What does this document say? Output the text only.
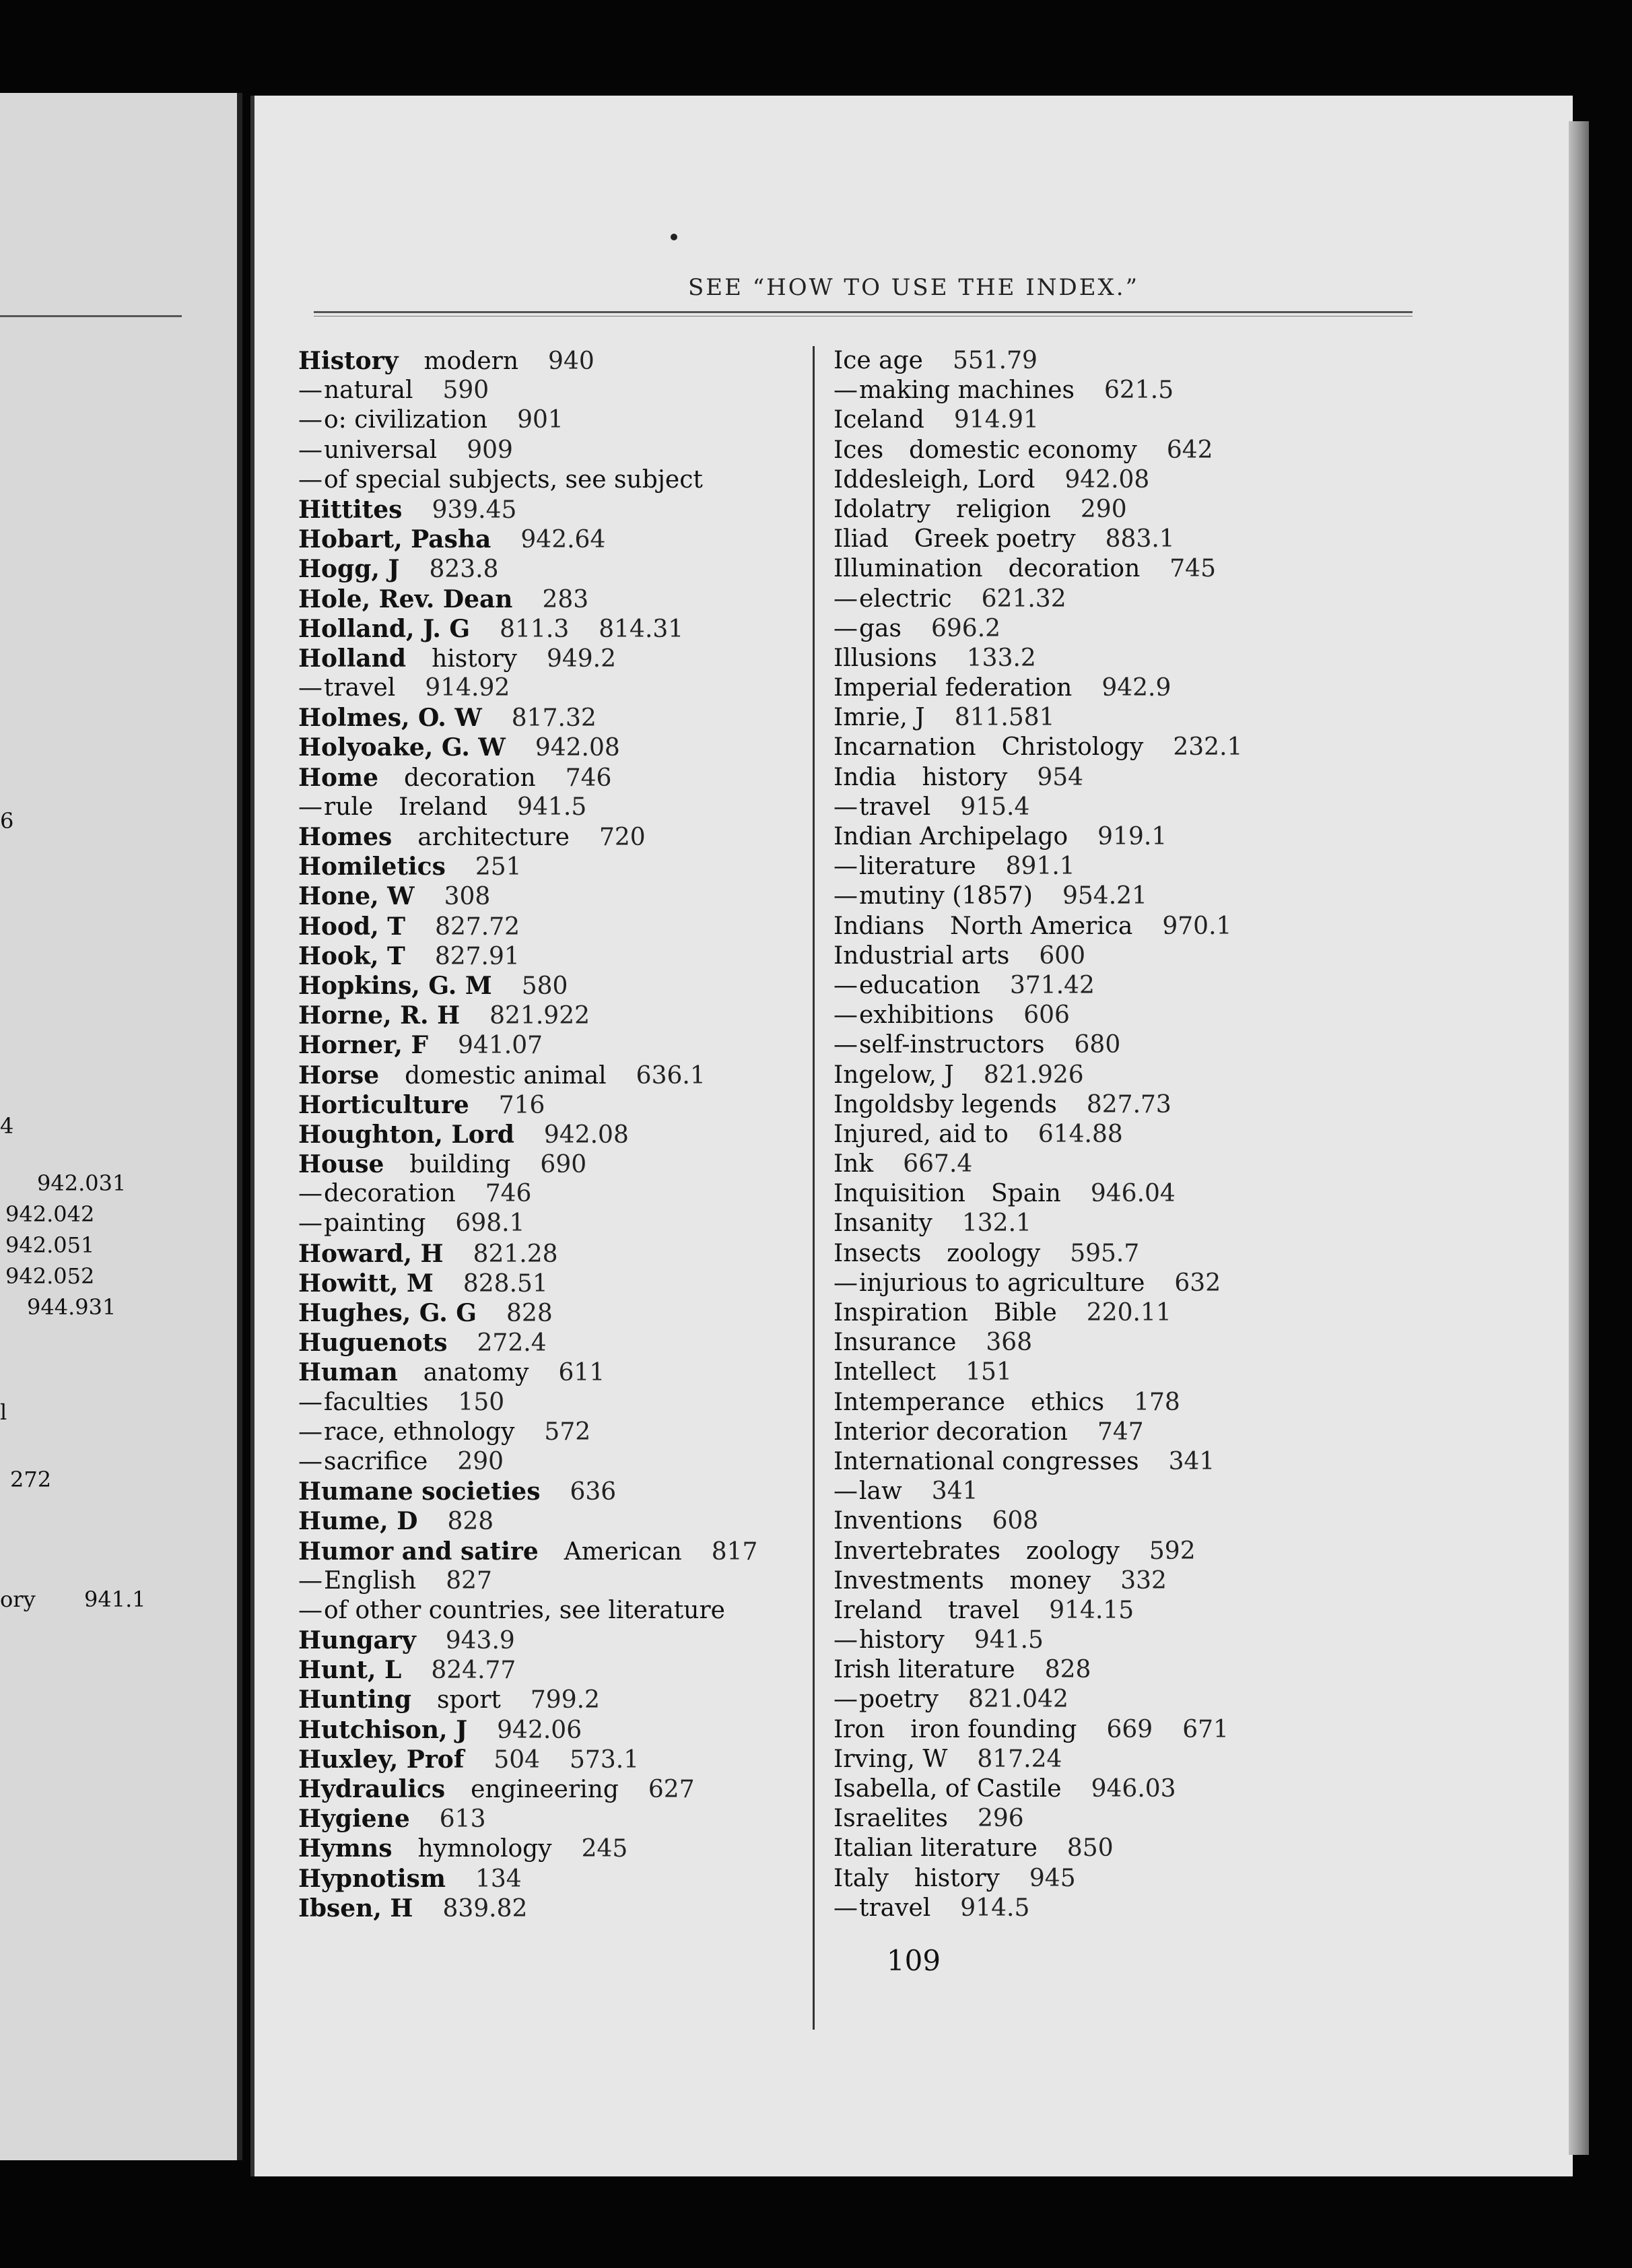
6
4
942.031
942.042
942.051
942.052
944.931
l
272
ory 941.1
SEE “HOW TO USE THE INDEX.”
History modern 940
—natural 590
—o: civilization 901
—universal 909
—of special subjects, see subject
Hittites 939.45
Hobart, Pasha 942.64
Hogg, J 823.8
Hole, Rev. Dean 283
Holland, J. G 811.3 814.31
Holland history 949.2
—travel 914.92
Holmes, O. W 817.32
Holyoake, G. W 942.08
Home decoration 746
—rule Ireland 941.5
Homes architecture 720
Homiletics 251
Hone, W 308
Hood, T 827.72
Hook, T 827.91
Hopkins, G. M 580
Horne, R. H 821.922
Horner, F 941.07
Horse domestic animal 636.1
Horticulture 716
Houghton, Lord 942.08
House building 690
—decoration 746
—painting 698.1
Howard, H 821.28
Howitt, M 828.51
Hughes, G. G 828
Huguenots 272.4
Human anatomy 611
—faculties 150
—race, ethnology 572
—sacrifice 290
Humane societies 636
Hume, D 828
Humor and satire American 817
—English 827
—of other countries, see literature
Hungary 943.9
Hunt, L 824.77
Hunting sport 799.2
Hutchison, J 942.06
Huxley, Prof 504 573.1
Hydraulics engineering 627
Hygiene 613
Hymns hymnology 245
Hypnotism 134
Ibsen, H 839.82
Ice age 551.79
—making machines 621.5
Iceland 914.91
Ices domestic economy 642
Iddesleigh, Lord 942.08
Idolatry religion 290
Iliad Greek poetry 883.1
Illumination decoration 745
—electric 621.32
—gas 696.2
Illusions 133.2
Imperial federation 942.9
Imrie, J 811.581
Incarnation Christology 232.1
India history 954
—travel 915.4
Indian Archipelago 919.1
—literature 891.1
—mutiny (1857) 954.21
Indians North America 970.1
Industrial arts 600
—education 371.42
—exhibitions 606
—self-instructors 680
Ingelow, J 821.926
Ingoldsby legends 827.73
Injured, aid to 614.88
Ink 667.4
Inquisition Spain 946.04
Insanity 132.1
Insects zoology 595.7
—injurious to agriculture 632
Inspiration Bible 220.11
Insurance 368
Intellect 151
Intemperance ethics 178
Interior decoration 747
International congresses 341
—law 341
Inventions 608
Invertebrates zoology 592
Investments money 332
Ireland travel 914.15
—history 941.5
Irish literature 828
—poetry 821.042
Iron iron founding 669 671
Irving, W 817.24
Isabella, of Castile 946.03
Israelites 296
Italian literature 850
Italy history 945
—travel 914.5
109
